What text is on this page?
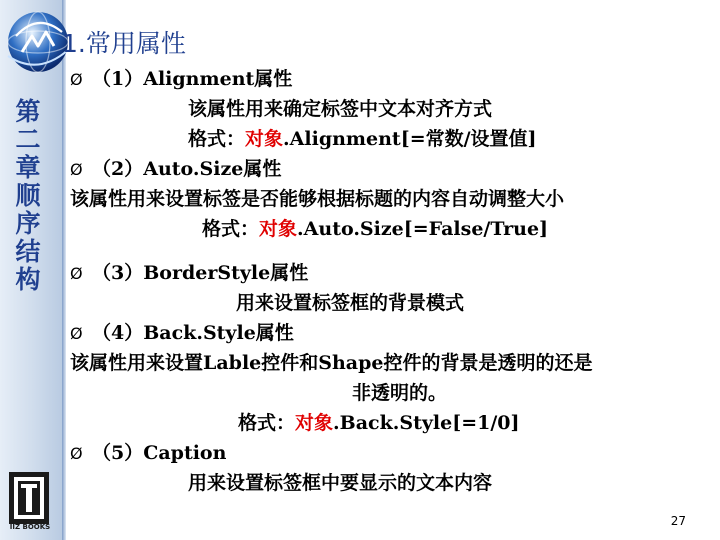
1.常用属性
第
二
章
顺
序
结
构
IIZ BOOKS
Ø （1）Alignment属性
该属性用来确定标签中文本对齐方式
格式：对象.Alignment[=常数/设置值]
Ø （2）Auto.Size属性
该属性用来设置标签是否能够根据标题的内容自动调整大小
格式：对象.Auto.Size[=False/True]
Ø （3）BorderStyle属性
用来设置标签框的背景模式
Ø （4）Back.Style属性
该属性用来设置Lable控件和Shape控件的背景是透明的还是
非透明的。
格式：对象.Back.Style[=1/0]
Ø （5）Caption
用来设置标签框中要显示的文本内容
27
